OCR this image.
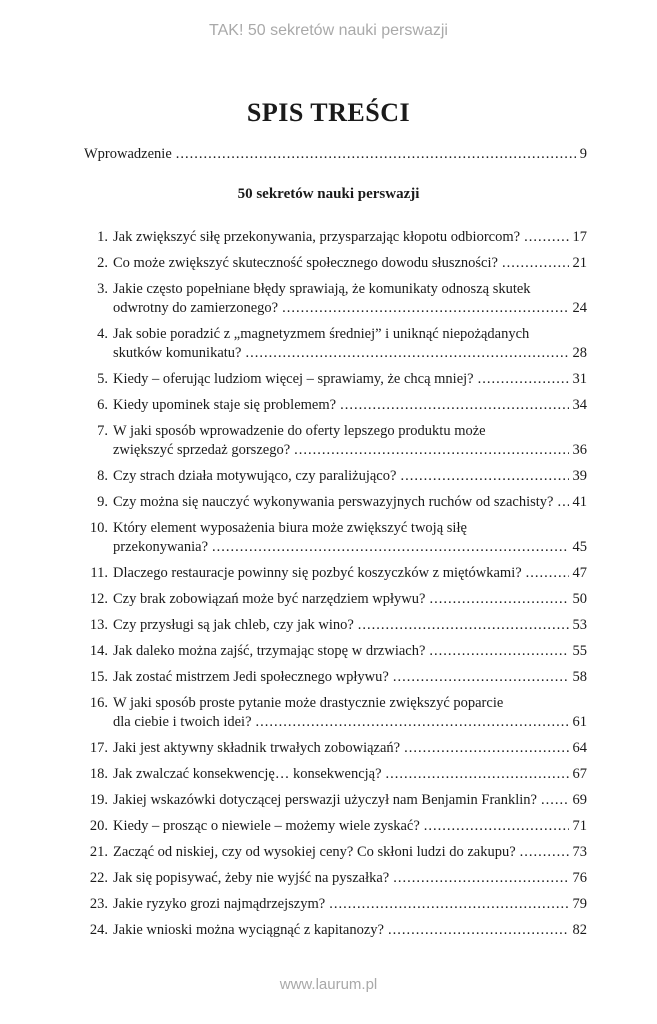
TAK! 50 sekretów nauki perswazji
SPIS TREŚCI
Wprowadzenie .....	9
50 sekretów nauki perswazji
1. Jak zwiększyć siłę przekonywania, przysparzając kłopotu odbiorcom? .....	17
2. Co może zwiększyć skuteczność społecznego dowodu słuszności? .....	21
3. Jakie często popełniane błędy sprawiają, że komunikaty odnoszą skutek
odwrotny do zamierzonego? .....	24
4. Jak sobie poradzić z „magnetyzmem średniej” i uniknąć niepożądanych
skutków komunikatu? .....	28
5. Kiedy – oferując ludziom więcej – sprawiamy, że chcą mniej? .....	31
6. Kiedy upominek staje się problemem? .....	34
7. W jaki sposób wprowadzenie do oferty lepszego produktu może
zwiększyć sprzedaż gorszego? .....	36
8. Czy strach działa motywująco, czy paraliżująco? .....	39
9. Czy można się nauczyć wykonywania perswazyjnych ruchów od szachisty? ..... 41
10. Który element wyposażenia biura może zwiększyć twoją siłę
przekonywania? .....	45
11. Dlaczego restauracje powinny się pozbyć koszyczków z miętówkami? .....	47
12. Czy brak zobowiązań może być narzędziem wpływu? .....	50
13. Czy przysługi są jak chleb, czy jak wino? .....	53
14. Jak daleko można zajść, trzymając stopę w drzwiach? .....	55
15. Jak zostać mistrzem Jedi społecznego wpływu? .....	58
16. W jaki sposób proste pytanie może drastycznie zwiększyć poparcie
dla ciebie i twoich idei? .....	61
17. Jaki jest aktywny składnik trwałych zobowiązań? .....	64
18. Jak zwalczać konsekwencję… konsekwencją? .....	67
19. Jakiej wskazówki dotyczącej perswazji użyczył nam Benjamin Franklin? ..... 69
20. Kiedy – prosząc o niewiele – możemy wiele zyskać? .....	71
21. Zacząć od niskiej, czy od wysokiej ceny? Co skłoni ludzi do zakupu? .....	73
22. Jak się popisywać, żeby nie wyjść na pyszałka? .....	76
23. Jakie ryzyko grozi najmądrzejszym? .....	79
24. Jakie wnioski można wyciągnąć z kapitanozy? .....	82
www.laurum.pl
